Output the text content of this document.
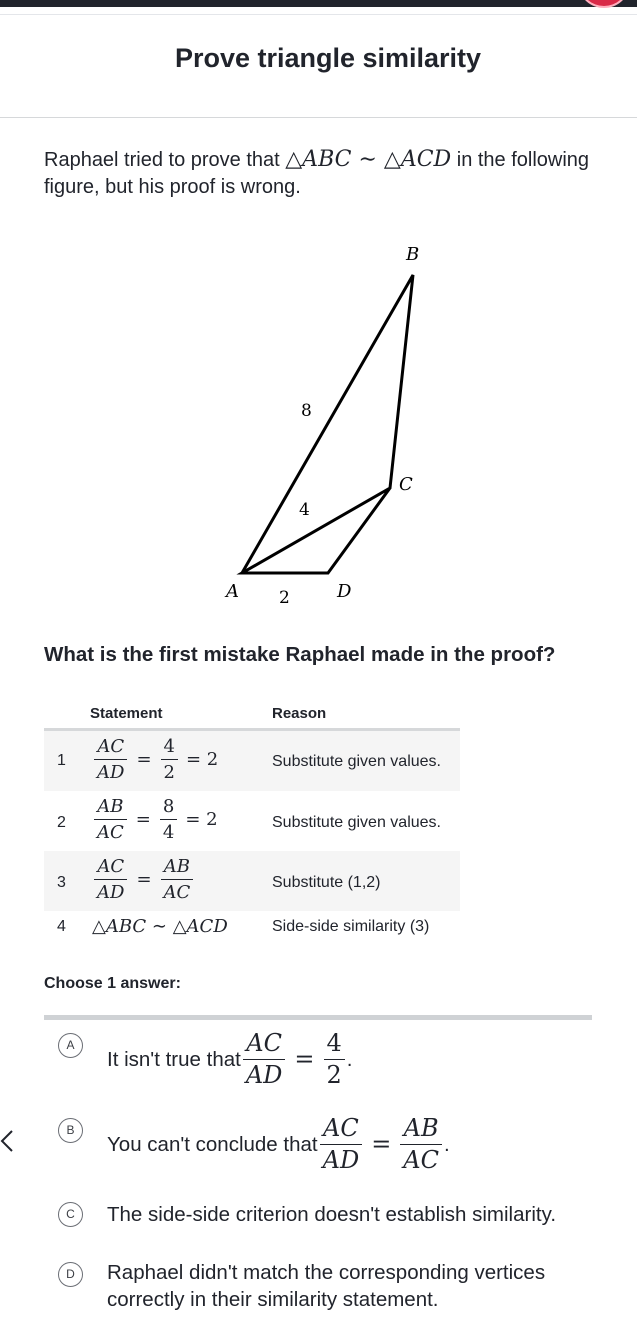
Prove triangle similarity

Raphael tried to prove that △ABC ∼ △ACD in the following figure, but his proof is wrong.

A
B
C
D
8
4
2
What is the first mistake Raphael made in the proof?
Statement	Reason
$1 \frac{AC}{AD} = \frac{4}{2} = 2$	Substitute given values.
$2 \frac{AB}{AC} = \frac{8}{4} = 2$	Substitute given values.
$3 \frac{AC}{AD} = \frac{AB}{AC}$	Substitute (1,2)
4 △ABC ∼ △ACD	Side-side similarity (3)
Choose 1 answer:
A
It isn't true that $\frac{AC}{AD} = \frac{4}{2}$ .
B
You can't conclude that $\frac{AC}{AD} = \frac{AB}{AC}$ .
C	The side-side criterion doesn't establish similarity.
D	Raphael didn't match the corresponding vertices correctly in their similarity statement.
